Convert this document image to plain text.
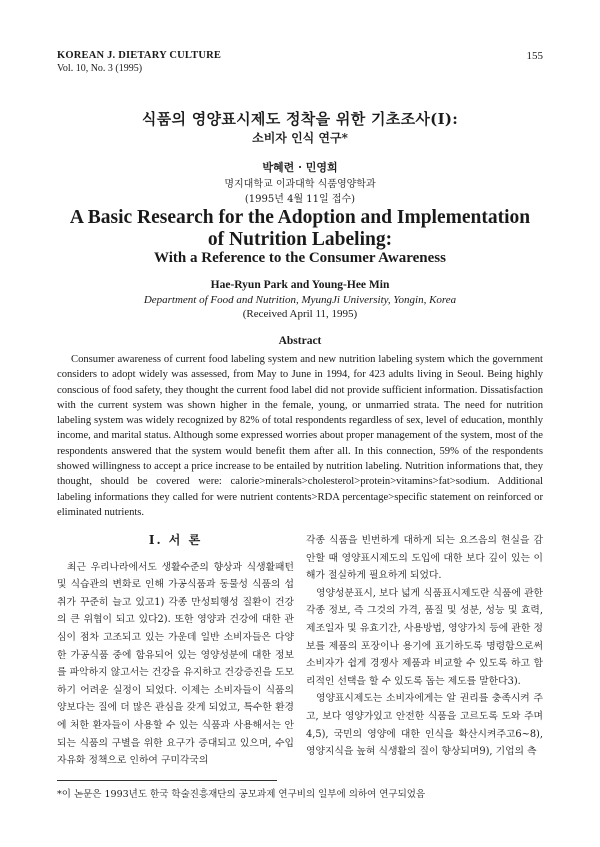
KOREAN J. DIETARY CULTURE
Vol. 10, No. 3 (1995)
155
식품의 영양표시제도 정착을 위한 기초조사(I):
소비자 인식 연구*
박혜련 · 민영희
명지대학교 이과대학 식품영양학과
(1995년 4월 11일 접수)
A Basic Research for the Adoption and Implementation
of Nutrition Labeling:
With a Reference to the Consumer Awareness
Hae-Ryun Park and Young-Hee Min
Department of Food and Nutrition, MyungJi University, Yongin, Korea
(Received April 11, 1995)
Abstract

Consumer awareness of current food labeling system and new nutrition labeling system which the government considers to adopt widely was assessed, from May to June in 1994, for 423 adults living in Seoul. Being highly conscious of food safety, they thought the current food label did not provide sufficient information. Dissatisfaction with the current system was shown higher in the female, young, or unmarried strata. The need for nutrition labeling system was widely recognized by 82% of total respondents regardless of sex, level of education, monthly income, and marital status. Although some expressed worries about proper management of the system, most of the respondents answered that the system would benefit them after all. In this connection, 59% of the respondents showed willingness to accept a price increase to be entailed by nutrition labeling. Nutrition informations that, they thought, should be covered were: calorie>minerals>cholesterol>protein>vitamins>fat>sodium. Additional labeling informations they called for were nutrient contents>RDA percentage>specific statement on reinforced or eliminated nutrients.

I. 서 론

최근 우리나라에서도 생활수준의 향상과 식생활패턴 및 식습관의 변화로 인해 가공식품과 동물성 식품의 섭취가 꾸준히 늘고 있고1) 각종 만성퇴행성 질환이 건강의 큰 위협이 되고 있다2). 또한 영양과 건강에 대한 관심이 점차 고조되고 있는 가운데 일반 소비자들은 다양한 가공식품 중에 함유되어 있는 영양성분에 대한 정보를 파악하지 않고서는 건강을 유지하고 건강증진을 도모하기 어려운 실정이 되었다. 이제는 소비자들이 식품의 양보다는 질에 더 많은 관심을 갖게 되었고, 특수한 환경에 처한 환자들이 사용할 수 있는 식품과 사용해서는 안되는 식품의 구별을 위한 요구가 증대되고 있으며, 수입자유화 정책으로 인하여 구미각국의

각종 식품을 빈번하게 대하게 되는 요즈음의 현실을 감안할 때 영양표시제도의 도입에 대한 보다 깊이 있는 이해가 절실하게 필요하게 되었다.

영양성분표시, 보다 넓게 식품표시제도란 식품에 관한 각종 정보, 즉 그것의 가격, 품질 및 성분, 성능 및 효력, 제조일자 및 유효기간, 사용방법, 영양가치 등에 관한 정보를 제품의 포장이나 용기에 표기하도록 명령함으로써 소비자가 쉽게 경쟁사 제품과 비교할 수 있도록 하고 합리적인 선택을 할 수 있도록 돕는 제도를 말한다3).

영양표시제도는 소비자에게는 알 권리를 충족시켜 주고, 보다 영양가있고 안전한 식품을 고르도록 도와 주며4,5), 국민의 영양에 대한 인식을 확산시켜주고6~8), 영양지식을 높혀 식생활의 질이 향상되며9), 기업의 측

*이 논문은 1993년도 한국 학술진흥재단의 공모과제 연구비의 일부에 의하여 연구되었음
